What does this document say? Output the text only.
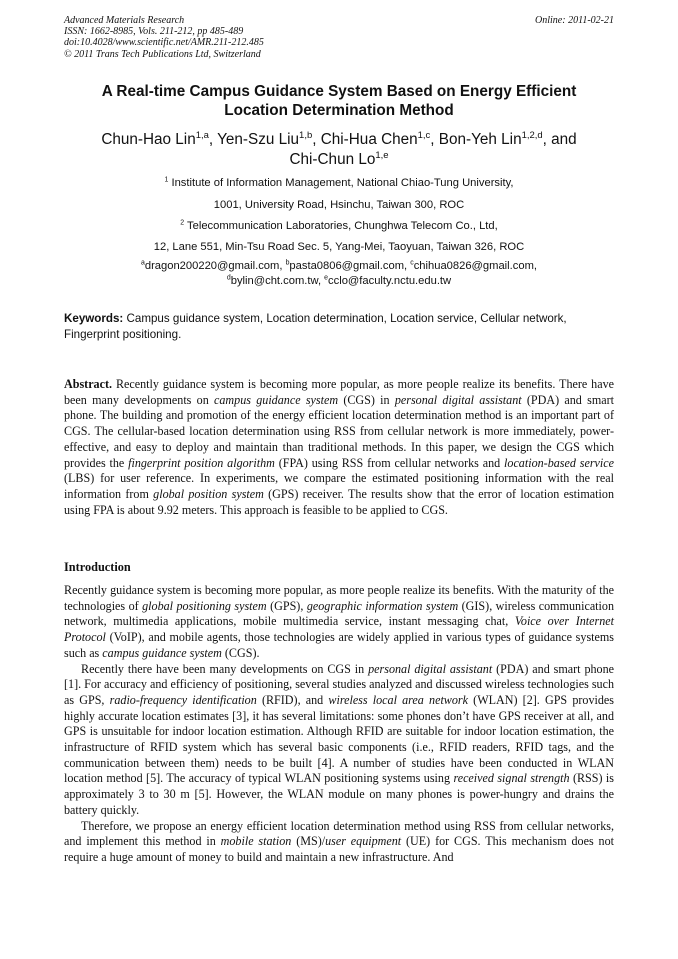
Advanced Materials Research
ISSN: 1662-8985, Vols. 211-212, pp 485-489
doi:10.4028/www.scientific.net/AMR.211-212.485
© 2011 Trans Tech Publications Ltd, Switzerland
Online: 2011-02-21
A Real-time Campus Guidance System Based on Energy Efficient
Location Determination Method
Chun-Hao Lin$^{1,a}$, Yen-Szu Liu$^{1,b}$, Chi-Hua Chen$^{1,c}$, Bon-Yeh Lin$^{1,2,d}$, and
Chi-Chun Lo$^{1,e}$
$^1$ Institute of Information Management, National Chiao-Tung University,
1001, University Road, Hsinchu, Taiwan 300, ROC
$^2$ Telecommunication Laboratories, Chunghwa Telecom Co., Ltd,
12, Lane 551, Min-Tsu Road Sec. 5, Yang-Mei, Taoyuan, Taiwan 326, ROC
$^a$dragon200220@gmail.com, $^b$pasta0806@gmail.com, $^c$chihua0826@gmail.com,
$^d$bylin@cht.com.tw, $^e$cclo@faculty.nctu.edu.tw
Keywords: Campus guidance system, Location determination, Location service, Cellular network, Fingerprint positioning.

Abstract. Recently guidance system is becoming more popular, as more people realize its benefits. There have been many developments on campus guidance system (CGS) in personal digital assistant (PDA) and smart phone. The building and promotion of the energy efficient location determination method is an important part of CGS. The cellular-based location determination using RSS from cellular network is more immediately, power-effective, and easy to deploy and maintain than traditional methods. In this paper, we design the CGS which provides the fingerprint position algorithm (FPA) using RSS from cellular networks and location-based service (LBS) for user reference. In experiments, we compare the estimated positioning information with the real information from global position system (GPS) receiver. The results show that the error of location estimation using FPA is about 9.92 meters. This approach is feasible to be applied to CGS.

Introduction

Recently guidance system is becoming more popular, as more people realize its benefits. With the maturity of the technologies of global positioning system (GPS), geographic information system (GIS), wireless communication network, multimedia applications, mobile multimedia service, instant messaging chat, Voice over Internet Protocol (VoIP), and mobile agents, those technologies are widely applied in various types of guidance systems such as campus guidance system (CGS).

Recently there have been many developments on CGS in personal digital assistant (PDA) and smart phone [1]. For accuracy and efficiency of positioning, several studies analyzed and discussed wireless technologies such as GPS, radio-frequency identification (RFID), and wireless local area network (WLAN) [2]. GPS provides highly accurate location estimates [3], it has several limitations: some phones don’t have GPS receiver at all, and GPS is unsuitable for indoor location estimation. Although RFID are suitable for indoor location estimation, the infrastructure of RFID system which has several basic components (i.e., RFID readers, RFID tags, and the communication between them) needs to be built [4]. A number of studies have been conducted in WLAN location method [5]. The accuracy of typical WLAN positioning systems using received signal strength (RSS) is approximately 3 to 30 m [5]. However, the WLAN module on many phones is power-hungry and drains the battery quickly.

Therefore, we propose an energy efficient location determination method using RSS from cellular networks, and implement this method in mobile station (MS)/user equipment (UE) for CGS. This mechanism does not require a huge amount of money to build and maintain a new infrastructure. And
